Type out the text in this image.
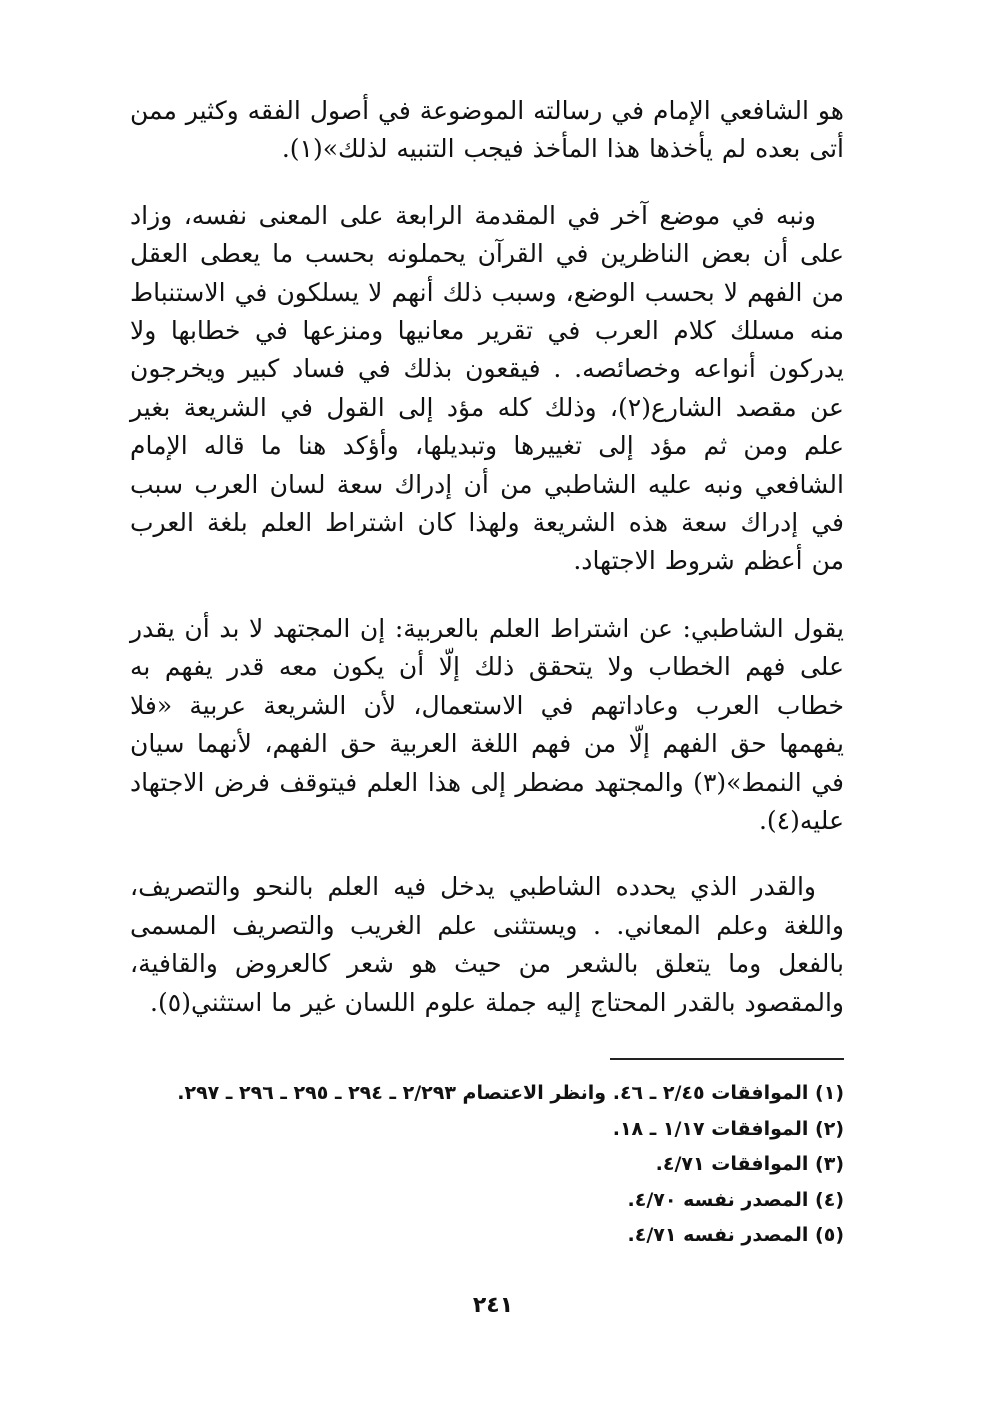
هو الشافعي الإمام في رسالته الموضوعة في أصول الفقه وكثير ممن أتى بعده لم يأخذها هذا المأخذ فيجب التنبيه لذلك»(١).

ونبه في موضع آخر في المقدمة الرابعة على المعنى نفسه، وزاد على أن بعض الناظرين في القرآن يحملونه بحسب ما يعطى العقل من الفهم لا بحسب الوضع، وسبب ذلك أنهم لا يسلكون في الاستنباط منه مسلك كلام العرب في تقرير معانيها ومنزعها في خطابها ولا يدركون أنواعه وخصائصه. . فيقعون بذلك في فساد كبير ويخرجون عن مقصد الشارع(٢)، وذلك كله مؤد إلى القول في الشريعة بغير علم ومن ثم مؤد إلى تغييرها وتبديلها، وأؤكد هنا ما قاله الإمام الشافعي ونبه عليه الشاطبي من أن إدراك سعة لسان العرب سبب في إدراك سعة هذه الشريعة ولهذا كان اشتراط العلم بلغة العرب من أعظم شروط الاجتهاد.

يقول الشاطبي: عن اشتراط العلم بالعربية: إن المجتهد لا بد أن يقدر على فهم الخطاب ولا يتحقق ذلك إلّا أن يكون معه قدر يفهم به خطاب العرب وعاداتهم في الاستعمال، لأن الشريعة عربية «فلا يفهمها حق الفهم إلّا من فهم اللغة العربية حق الفهم، لأنهما سيان في النمط»(٣) والمجتهد مضطر إلى هذا العلم فيتوقف فرض الاجتهاد عليه(٤).

والقدر الذي يحدده الشاطبي يدخل فيه العلم بالنحو والتصريف، واللغة وعلم المعاني. . ويستثنى علم الغريب والتصريف المسمى بالفعل وما يتعلق بالشعر من حيث هو شعر كالعروض والقافية، والمقصود بالقدر المحتاج إليه جملة علوم اللسان غير ما استثني(٥).

(١) الموافقات ٢/٤٥ ـ ٤٦. وانظر الاعتصام ٢/٢٩٣ ـ ٢٩٤ ـ ٢٩٥ ـ ٢٩٦ ـ ٢٩٧.

(٢) الموافقات ١/١٧ ـ ١٨.

(٣) الموافقات ٤/٧١.

(٤) المصدر نفسه ٤/٧٠.

(٥) المصدر نفسه ٤/٧١.

٢٤١
